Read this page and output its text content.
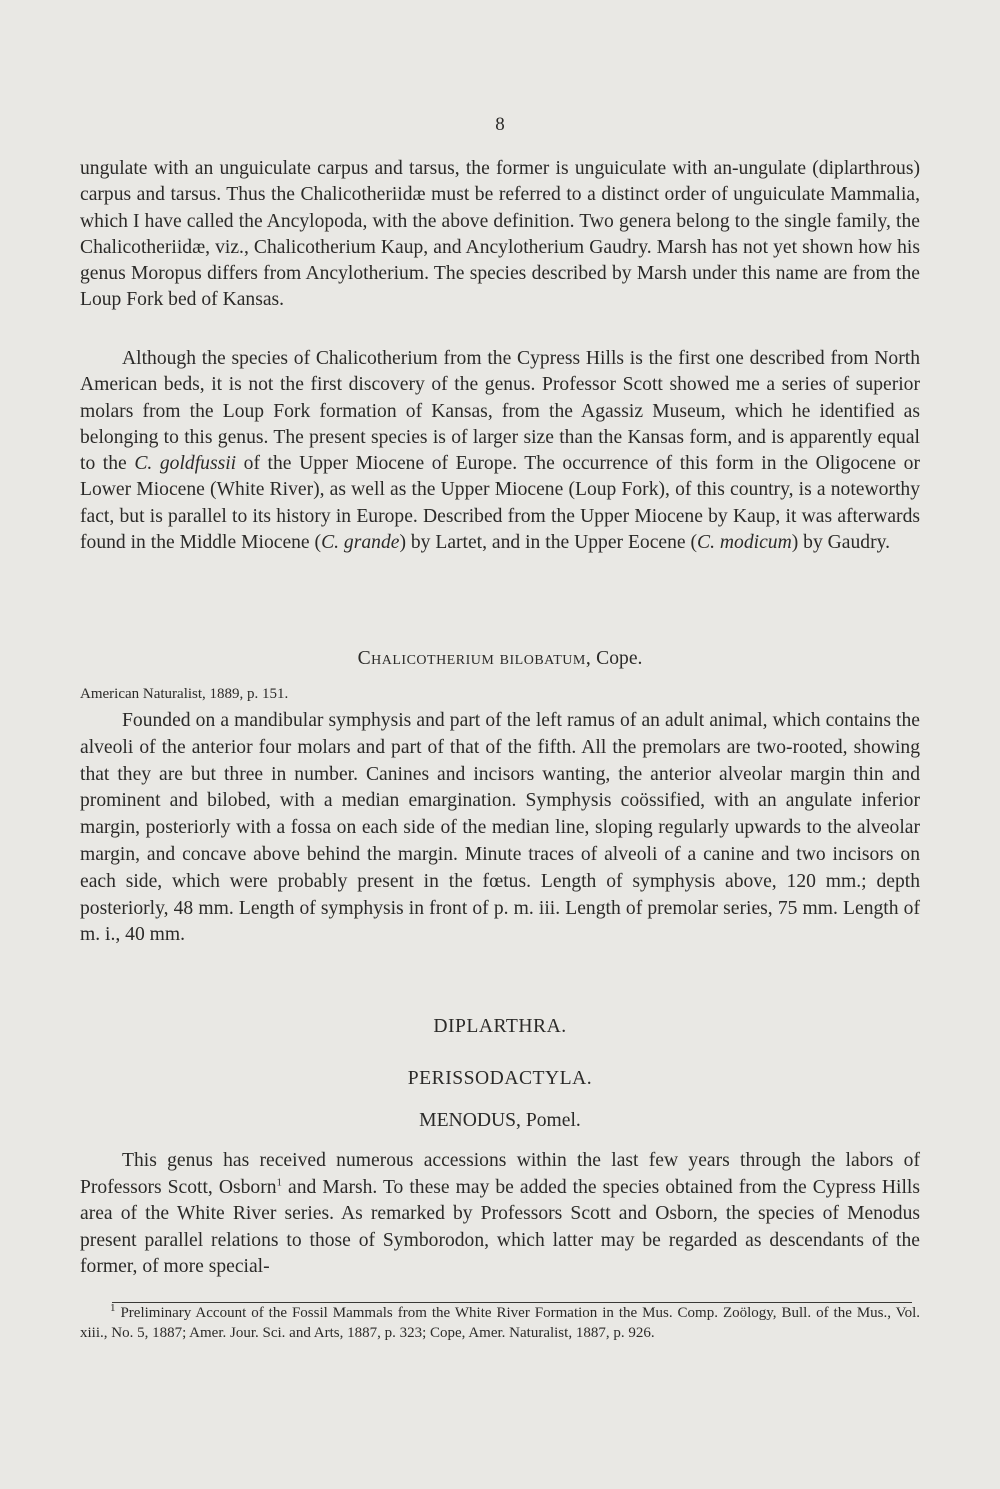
8

ungulate with an unguiculate carpus and tarsus, the former is unguiculate with an-ungulate (diplarthrous) carpus and tarsus. Thus the Chalicotheriidæ must be referred to a distinct order of unguiculate Mammalia, which I have called the Ancylopoda, with the above definition. Two genera belong to the single family, the Chalicotheriidæ, viz., Chalicotherium Kaup, and Ancylotherium Gaudry. Marsh has not yet shown how his genus Moropus differs from Ancylotherium. The species described by Marsh under this name are from the Loup Fork bed of Kansas.

Although the species of Chalicotherium from the Cypress Hills is the first one described from North American beds, it is not the first discovery of the genus. Professor Scott showed me a series of superior molars from the Loup Fork formation of Kansas, from the Agassiz Museum, which he identified as belonging to this genus. The present species is of larger size than the Kansas form, and is apparently equal to the C. goldfussii of the Upper Miocene of Europe. The occurrence of this form in the Oligocene or Lower Miocene (White River), as well as the Upper Miocene (Loup Fork), of this country, is a noteworthy fact, but is parallel to its history in Europe. Described from the Upper Miocene by Kaup, it was afterwards found in the Middle Miocene (C. grande) by Lartet, and in the Upper Eocene (C. modicum) by Gaudry.

Chalicotherium bilobatum, Cope.

American Naturalist, 1889, p. 151.

Founded on a mandibular symphysis and part of the left ramus of an adult animal, which contains the alveoli of the anterior four molars and part of that of the fifth. All the premolars are two-rooted, showing that they are but three in number. Canines and incisors wanting, the anterior alveolar margin thin and prominent and bilobed, with a median emargination. Symphysis coössified, with an angulate inferior margin, posteriorly with a fossa on each side of the median line, sloping regularly upwards to the alveolar margin, and concave above behind the margin. Minute traces of alveoli of a canine and two incisors on each side, which were probably present in the fœtus. Length of symphysis above, 120 mm.; depth posteriorly, 48 mm. Length of symphysis in front of p. m. iii. Length of premolar series, 75 mm. Length of m. i., 40 mm.

DIPLARTHRA.

PERISSODACTYLA.

MENODUS, Pomel.

This genus has received numerous accessions within the last few years through the labors of Professors Scott, Osborn$^1$ and Marsh. To these may be added the species obtained from the Cypress Hills area of the White River series. As remarked by Professors Scott and Osborn, the species of Menodus present parallel relations to those of Symborodon, which latter may be regarded as descendants of the former, of more special-

$^1$ Preliminary Account of the Fossil Mammals from the White River Formation in the Mus. Comp. Zoölogy, Bull. of the Mus., Vol. xiii., No. 5, 1887; Amer. Jour. Sci. and Arts, 1887, p. 323; Cope, Amer. Naturalist, 1887, p. 926.
